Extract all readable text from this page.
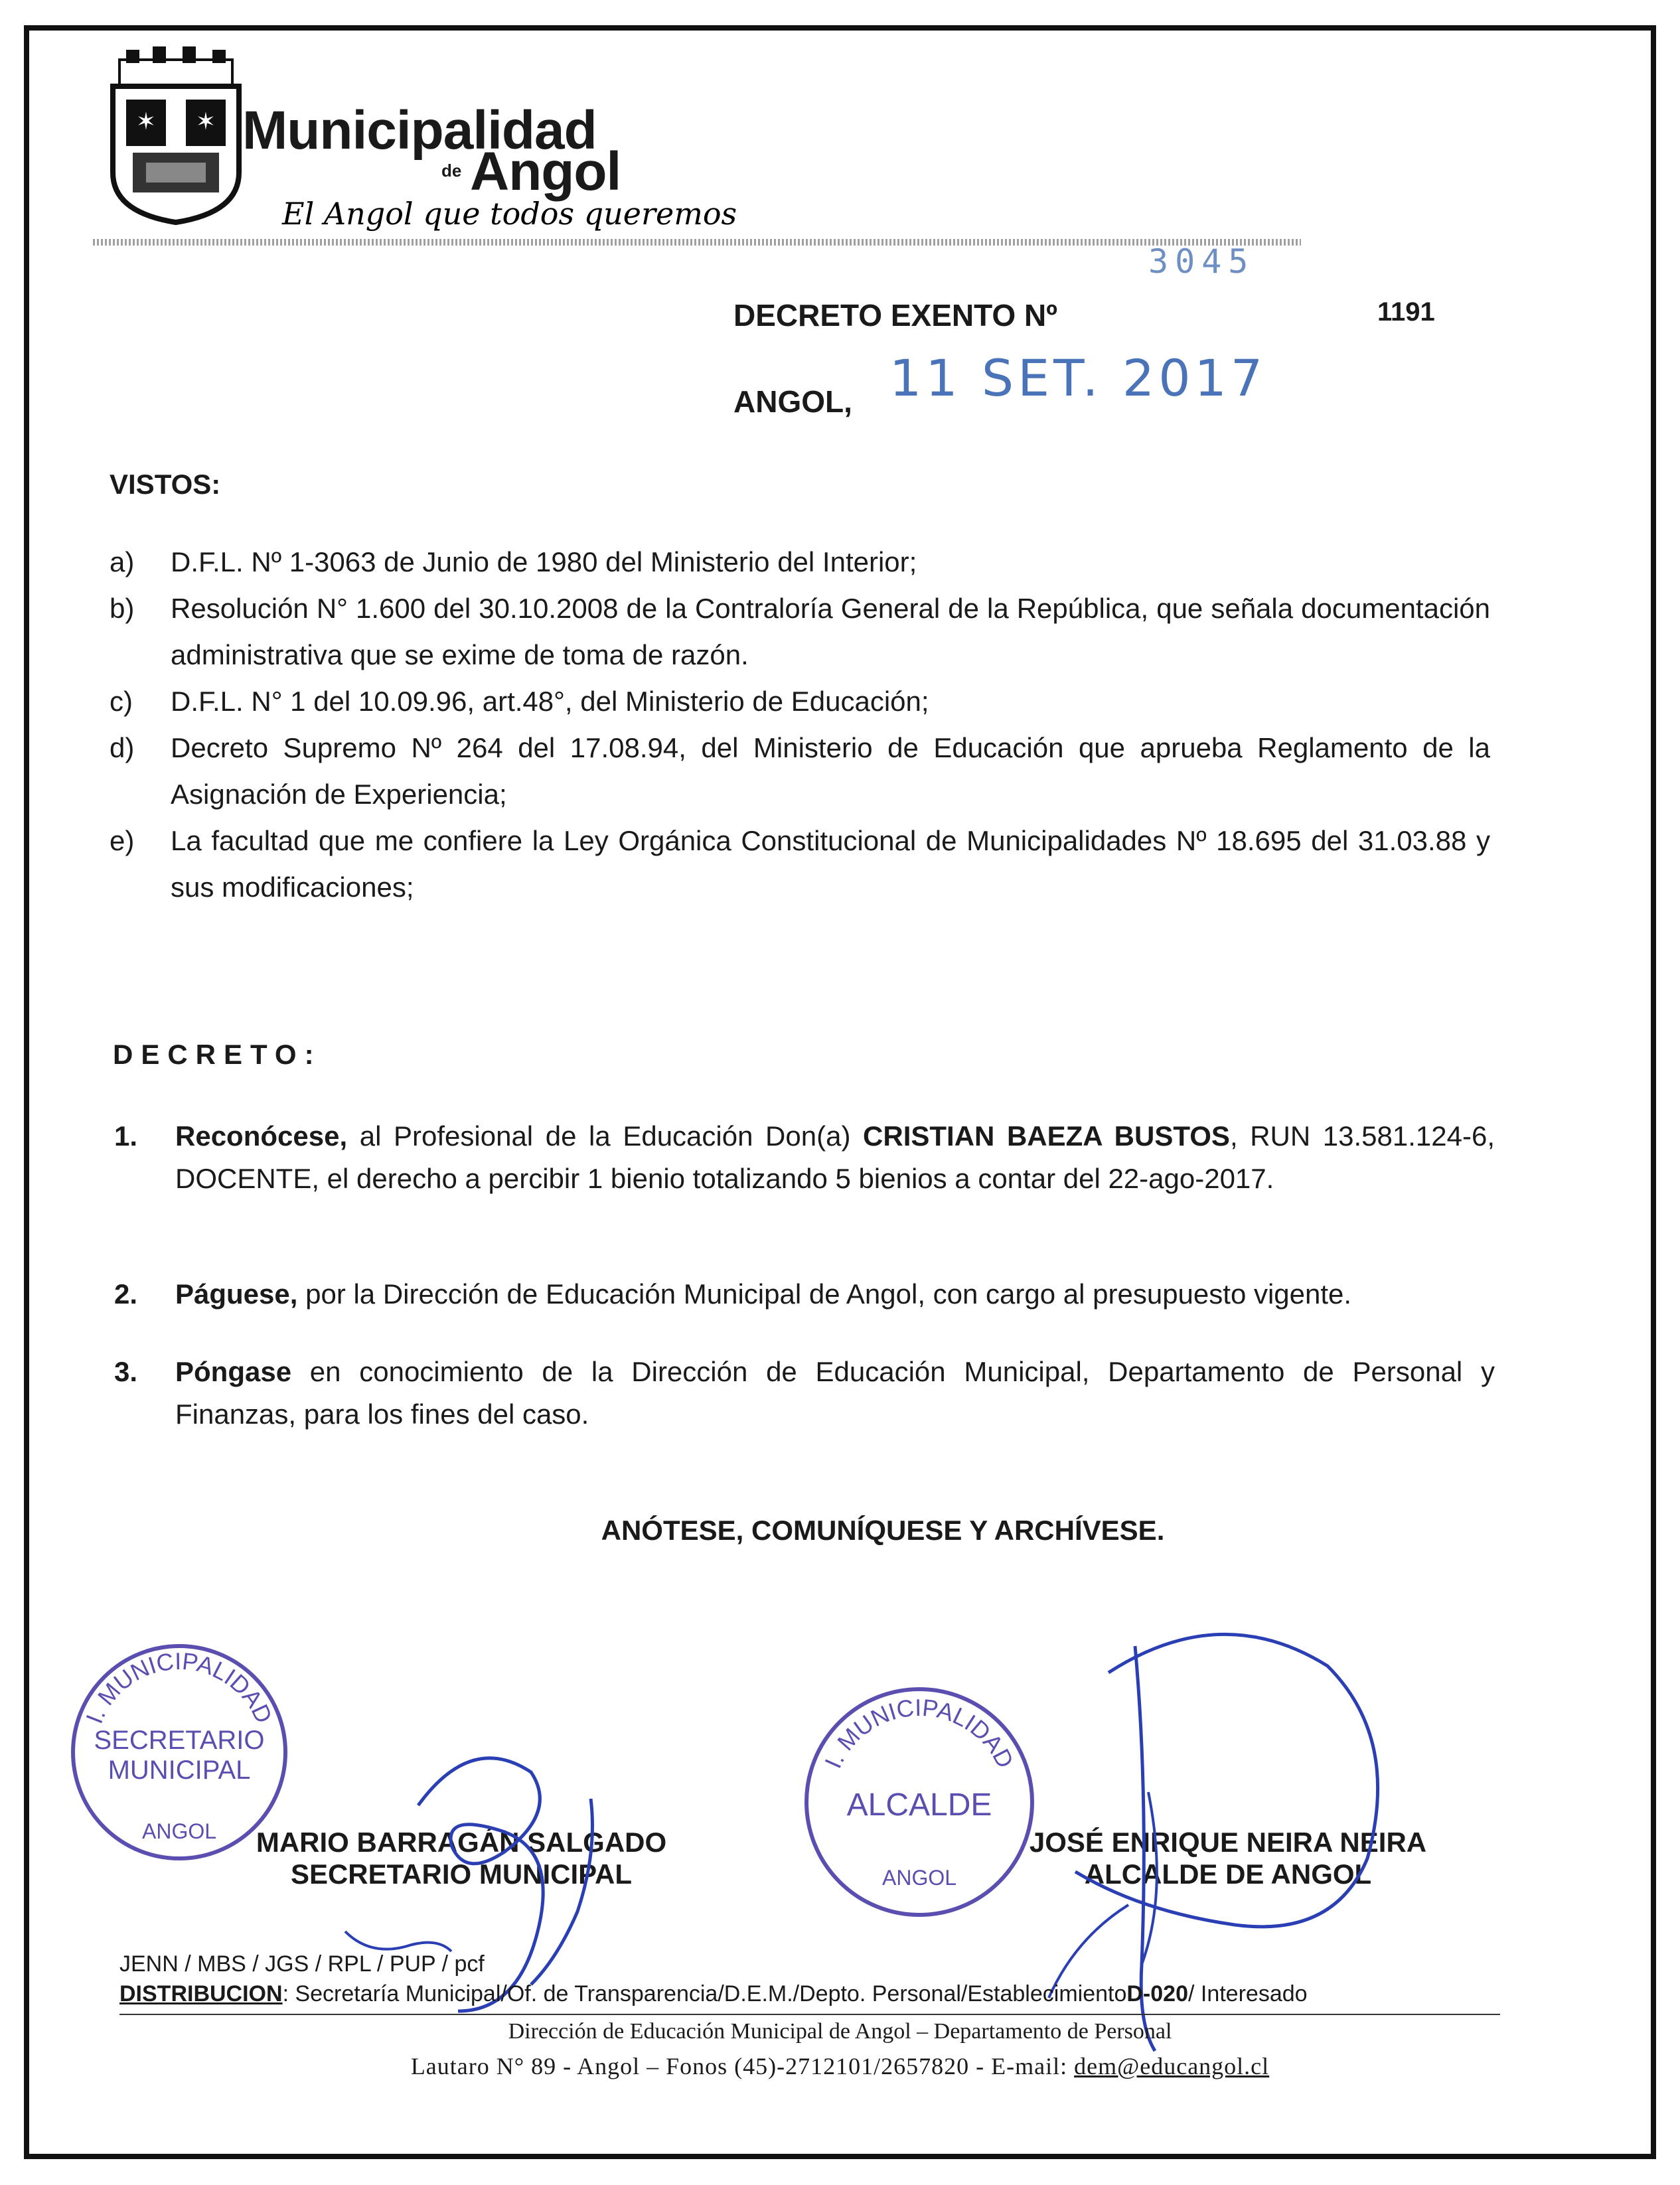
✶ ✶ Municipalidad
de Angol
El Angol que todos queremos
3045
DECRETO EXENTO Nº	1191
ANGOL, 11 SET. 2017
VISTOS:
a)	D.F.L. Nº 1-3063 de Junio de 1980 del Ministerio del Interior;
b)	Resolución N° 1.600 del 30.10.2008 de la Contraloría General de la República, que señala documentación administrativa que se exime de toma de razón.
c)	D.F.L. N° 1 del 10.09.96, art.48°, del Ministerio de Educación;
d)	Decreto Supremo Nº 264 del 17.08.94, del Ministerio de Educación que aprueba Reglamento de la Asignación de Experiencia;
e)	La facultad que me confiere la Ley Orgánica Constitucional de Municipalidades Nº 18.695 del 31.03.88 y sus modificaciones;
DECRETO:
1.	Reconócese, al Profesional de la Educación Don(a) CRISTIAN BAEZA BUSTOS, RUN 13.581.124-6, DOCENTE, el derecho a percibir 1 bienio totalizando 5 bienios a contar del 22-ago-2017.
2.	Páguese, por la Dirección de Educación Municipal de Angol, con cargo al presupuesto vigente.
3.	Póngase en conocimiento de la Dirección de Educación Municipal, Departamento de Personal y Finanzas, para los fines del caso.
ANÓTESE, COMUNÍQUESE Y ARCHÍVESE.
I. MUNICIPALIDAD
SECRETARIO
MUNICIPAL
ANGOL
I. MUNICIPALIDAD
ALCALDE
ANGOL
MARIO BARRAGÁN SALGADO
SECRETARIO MUNICIPAL
JOSÉ ENRIQUE NEIRA NEIRA
ALCALDE DE ANGOL
JENN / MBS / JGS / RPL / PUP / pcf
DISTRIBUCION: Secretaría Municipal/Of. de Transparencia/D.E.M./Depto. Personal/EstablecimientoD-020/ Interesado
Dirección de Educación Municipal de Angol – Departamento de Personal
Lautaro N° 89 - Angol – Fonos (45)-2712101/2657820 - E-mail: dem@educangol.cl
